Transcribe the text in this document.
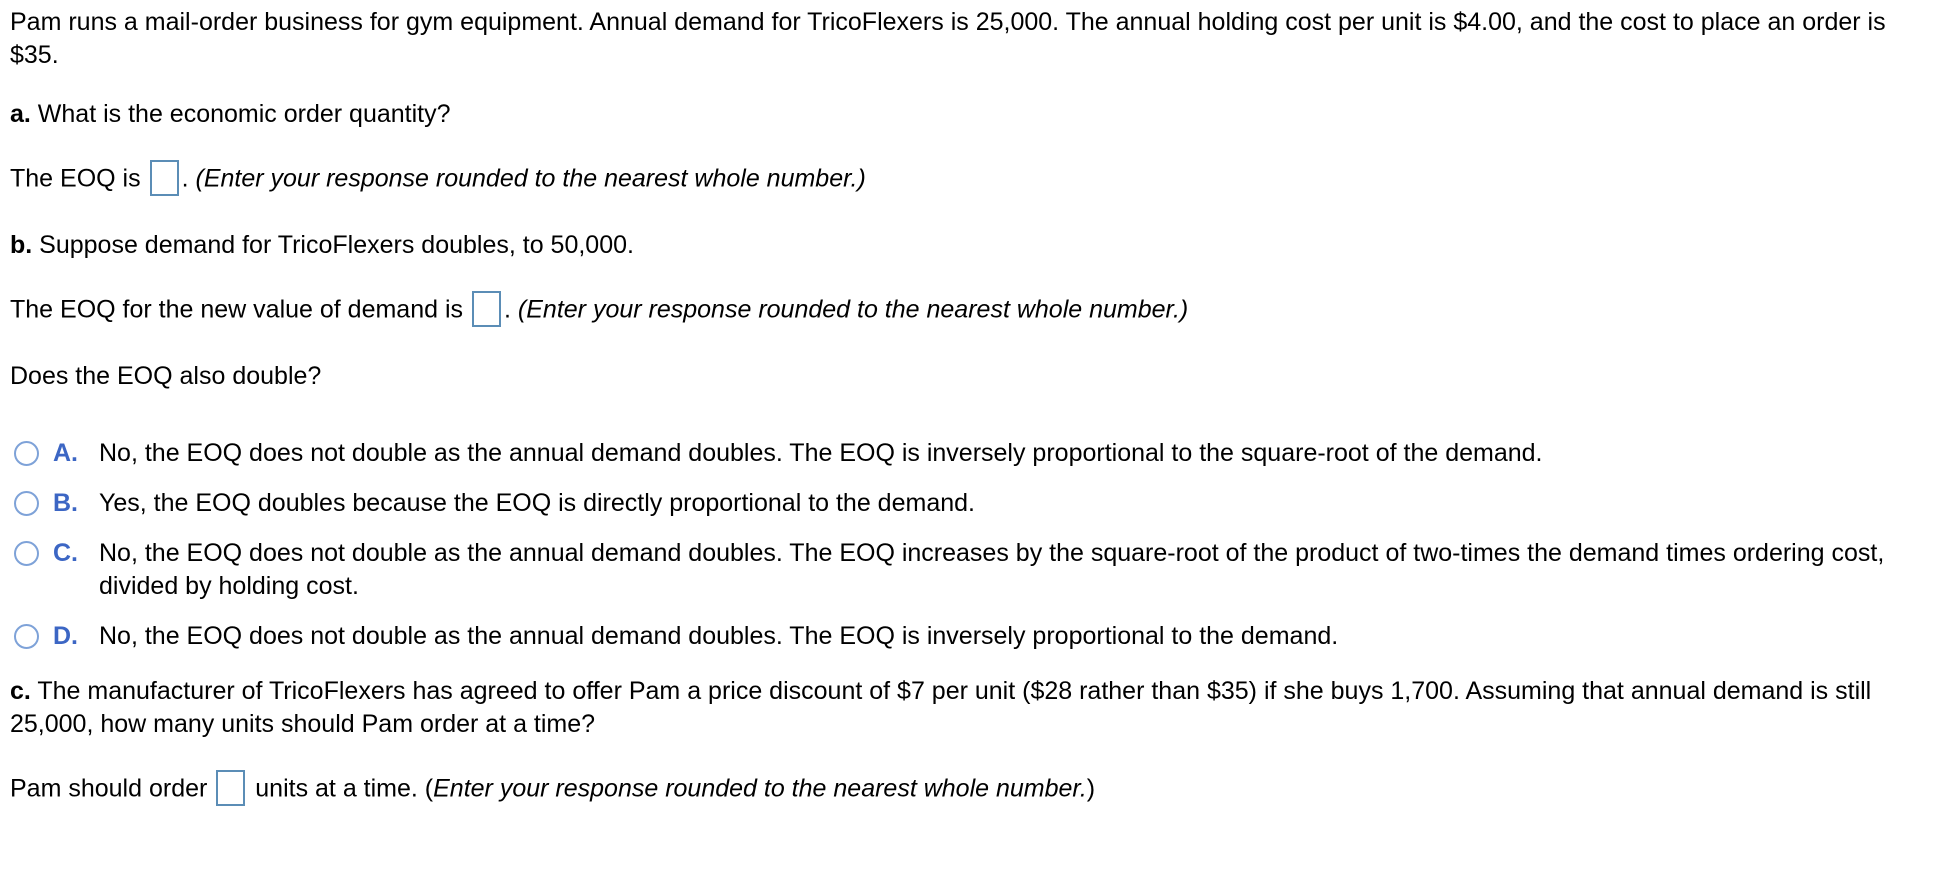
Pam runs a mail-order business for gym equipment. Annual demand for TricoFlexers is 25,000. The annual holding cost per unit is $4.00, and the cost to place an order is $35.

a. What is the economic order quantity?

The EOQ is . (Enter your response rounded to the nearest whole number.)

b. Suppose demand for TricoFlexers doubles, to 50,000.

The EOQ for the new value of demand is . (Enter your response rounded to the nearest whole number.)

Does the EOQ also double?

A. No, the EOQ does not double as the annual demand doubles. The EOQ is inversely proportional to the square-root of the demand.
B. Yes, the EOQ doubles because the EOQ is directly proportional to the demand.
C. No, the EOQ does not double as the annual demand doubles. The EOQ increases by the square-root of the product of two-times the demand times ordering cost, divided by holding cost.
D. No, the EOQ does not double as the annual demand doubles. The EOQ is inversely proportional to the demand.

c. The manufacturer of TricoFlexers has agreed to offer Pam a price discount of $7 per unit ($28 rather than $35) if she buys 1,700. Assuming that annual demand is still 25,000, how many units should Pam order at a time?

Pam should order units at a time. (Enter your response rounded to the nearest whole number.)
